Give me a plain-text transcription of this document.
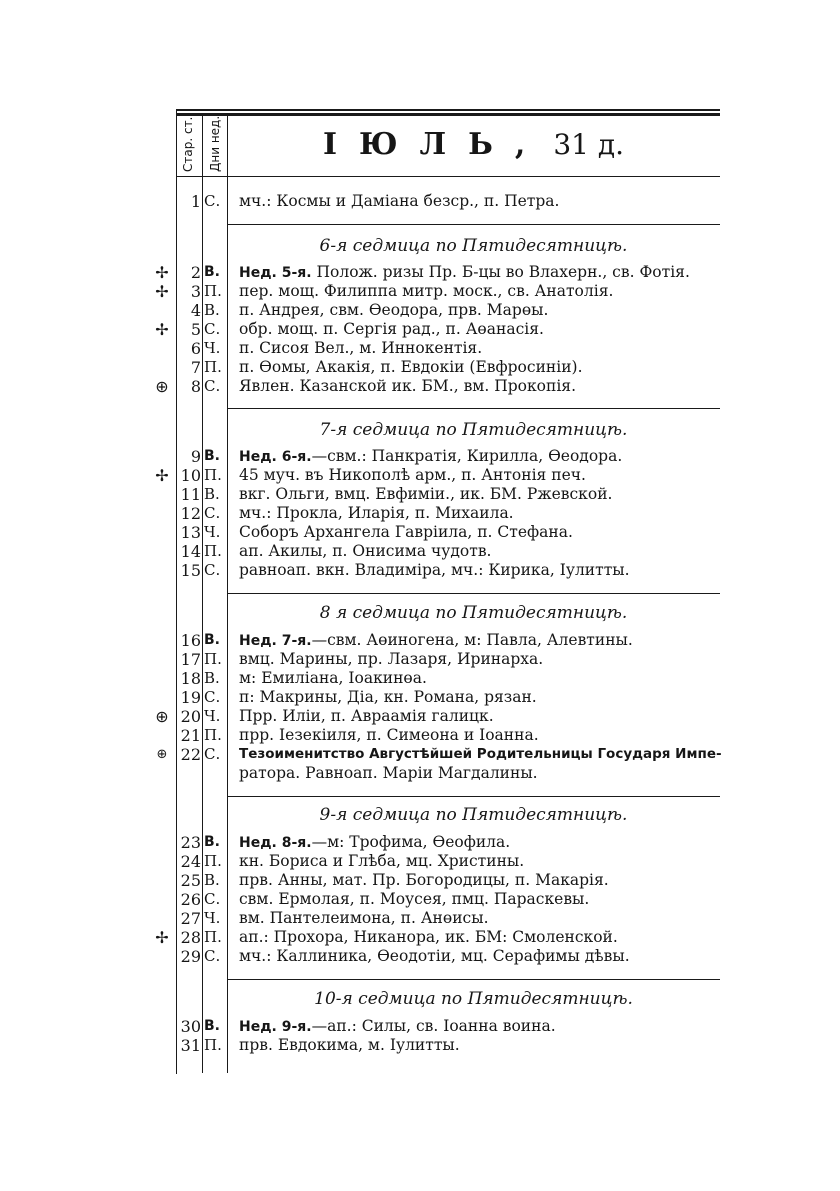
Стар. ст. Дни нед.	ІЮЛЬ, 31 д.
1 С.	мч.: Космы и Даміана безср., п. Петра.
6-я седмица по Пятидесятницѣ.
✢	2 В.	Нед. 5-я. Полож. ризы Пр. Б-цы во Влахерн., св. Фотія.
✢	3 П. пер. мощ. Филиппа митр. моск., св. Анатолія.
4 В.	п. Андрея, свм. Өеодора, прв. Марөы.
✢	5 С.	обр. мощ. п. Сергія рад., п. Аөанасія.
6 Ч.	п. Сисоя Вел., м. Иннокентія.
7 П. п. Өомы, Акакія, п. Евдокіи (Евфросиніи).
⊕	8 С.	Явлен. Казанской ик. БМ., вм. Прокопія.
7-я седмица по Пятидесятницѣ.
9 В.	Нед. 6-я.—свм.: Панкратія, Кирилла, Өеодора.
✢ 10 П. 45 муч. въ Никополѣ арм., п. Антонія печ.
11 В.	вкг. Ольги, вмц. Евфиміи., ик. БМ. Ржевской.
12 С.	мч.: Прокла, Иларія, п. Михаила.
13 Ч.	Соборъ Архангела Гавріила, п. Стефана.
14 П. ап. Акилы, п. Онисима чудотв.
15 С.	равноап. вкн. Владиміра, мч.: Кирика, Іулитты.
8 я седмица по Пятидесятницѣ.
16 В.	Нед. 7-я.—свм. Аөиногена, м: Павла, Алевтины.
17 П. вмц. Марины, пр. Лазаря, Иринарха.
18 В.	м: Емиліана, Іоакинөа.
19 С.	п: Макрины, Діа, кн. Романа, рязан.
⊕ 20 Ч.	Прр. Иліи, п. Авраамія галицк.
21 П. прр. Іезекіиля, п. Симеона и Іоанна.
⊕ 22 С.	Тезоименитство Августѣйшей Родительницы Государя Импе-
ратора. Равноап. Маріи Магдалины.
9-я седмица по Пятидесятницѣ.
23 В.	Нед. 8-я.—м: Трофима, Өеофила.
24 П. кн. Бориса и Глѣба, мц. Христины.
25 В.	прв. Анны, мат. Пр. Богородицы, п. Макарія.
26 С.	свм. Ермолая, п. Моусея, пмц. Параскевы.
27 Ч.	вм. Пантелеимона, п. Анөисы.
✢ 28 П. ап.: Прохора, Никанора, ик. БМ: Смоленской.
29 С.	мч.: Каллиника, Өеодотіи, мц. Серафимы дѣвы.
10-я седмица по Пятидесятницѣ.
30 В.	Нед. 9-я.—ап.: Силы, св. Іоанна воина.
31 П. прв. Евдокима, м. Іулитты.
